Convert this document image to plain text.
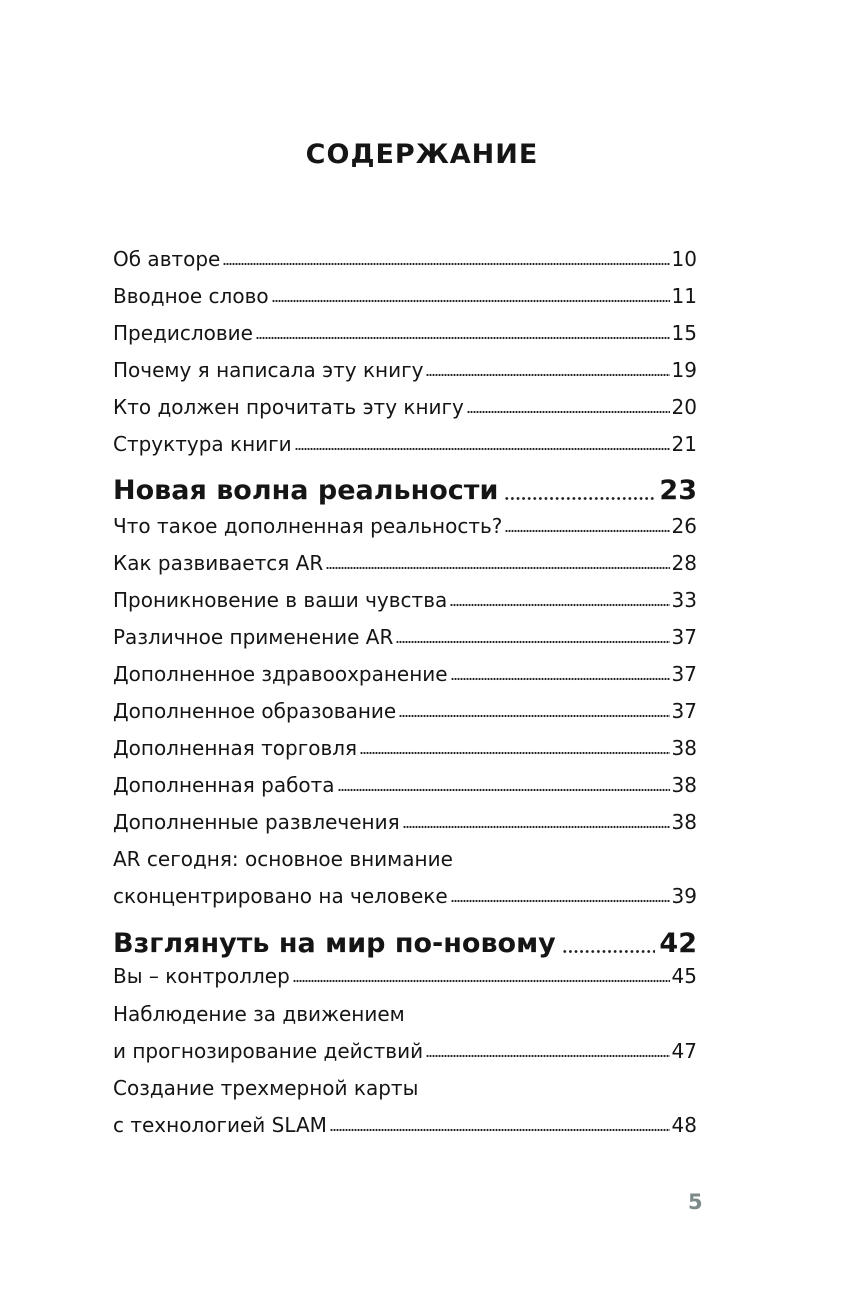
СОДЕРЖАНИЕ
Об авторе	10
Вводное слово	11
Предисловие	15
Почему я написала эту книгу	19
Кто должен прочитать эту книгу	20
Структура книги	21
Новая волна реальности	23
Что такое дополненная реальность?	26
Как развивается AR	28
Проникновение в ваши чувства	33
Различное применение AR	37
Дополненное здравоохранение	37
Дополненное образование	37
Дополненная торговля	38
Дополненная работа	38
Дополненные развлечения	38
AR сегодня: основное внимание
сконцентрировано на человеке	39
Взглянуть на мир по-новому	42
Вы – контроллер	45
Наблюдение за движением
и прогнозирование действий	47
Создание трехмерной карты
с технологией SLAM	48
5
